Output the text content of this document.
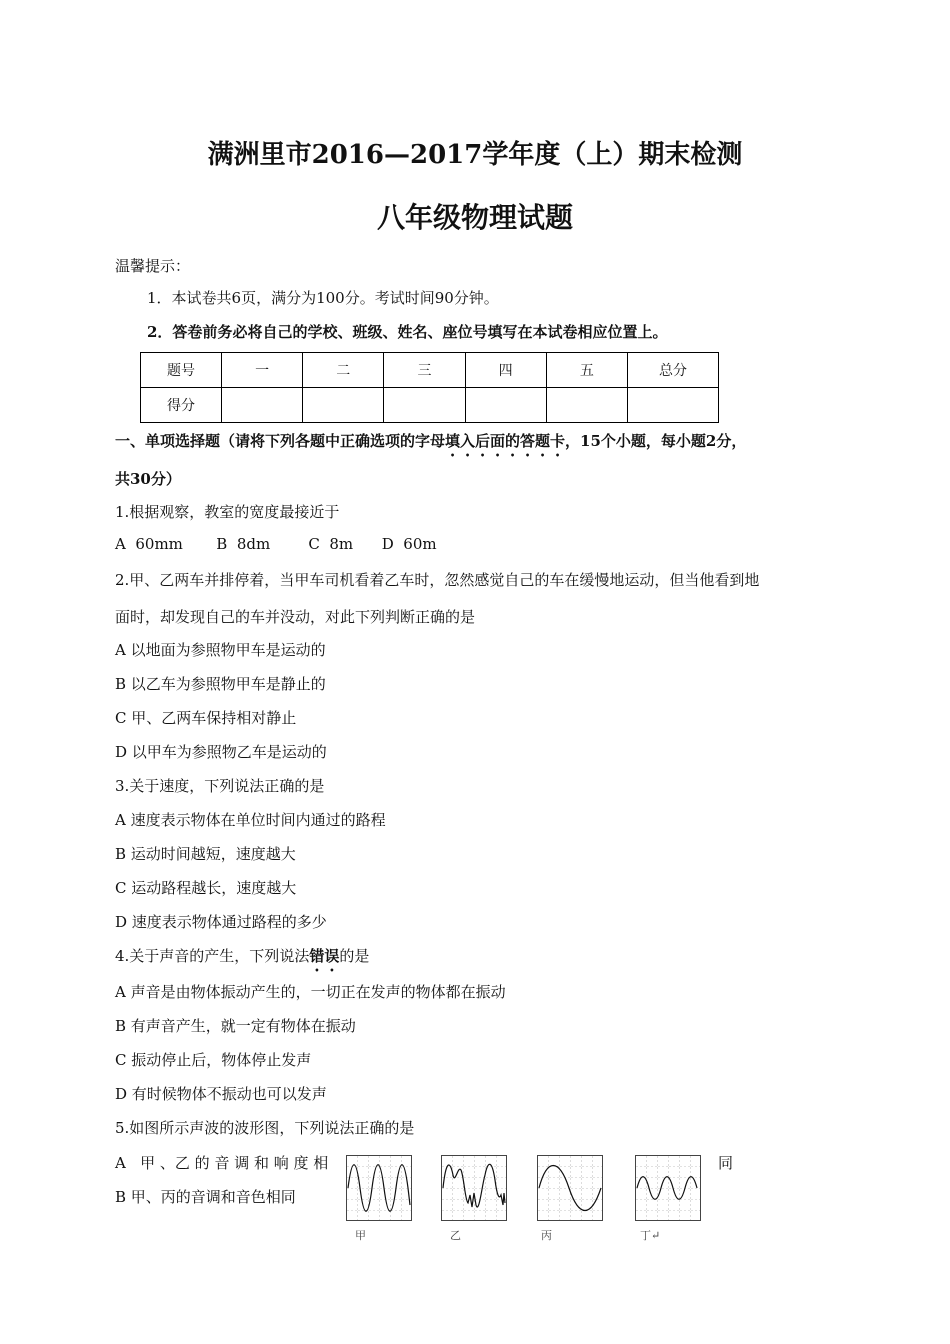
满洲里市2016—2017学年度（上）期末检测
八年级物理试题
温馨提示：
1．本试卷共6页，满分为100分。考试时间90分钟。
2．答卷前务必将自己的学校、班级、姓名、座位号填写在本试卷相应位置上。
题号	一	二	三	四	五	总分
得分						
一、单项选择题（请将下列各题中正确选项的字母填入后面的答题卡，15个小题，每小题2分，
共30分）
1.根据观察，教室的宽度最接近于
A  60mm       B  8dm        C  8m      D  60m
2.甲、乙两车并排停着，当甲车司机看着乙车时，忽然感觉自己的车在缓慢地运动，但当他看到地
面时，却发现自己的车并没动，对此下列判断正确的是
A 以地面为参照物甲车是运动的
B 以乙车为参照物甲车是静止的
C 甲、乙两车保持相对静止
D 以甲车为参照物乙车是运动的
3.关于速度，下列说法正确的是
A 速度表示物体在单位时间内通过的路程
B 运动时间越短，速度越大
C 运动路程越长，速度越大
D 速度表示物体通过路程的多少
4.关于声音的产生，下列说法错误的是
A 声音是由物体振动产生的，一切正在发声的物体都在振动
B 有声音产生，就一定有物体在振动
C 振动停止后，物体停止发声
D 有时候物体不振动也可以发声
5.如图所示声波的波形图，下列说法正确的是
A   甲 、乙 的 音 调 和 响 度 相	同
B 甲、丙的音调和音色相同
甲	乙	丙	丁↵
